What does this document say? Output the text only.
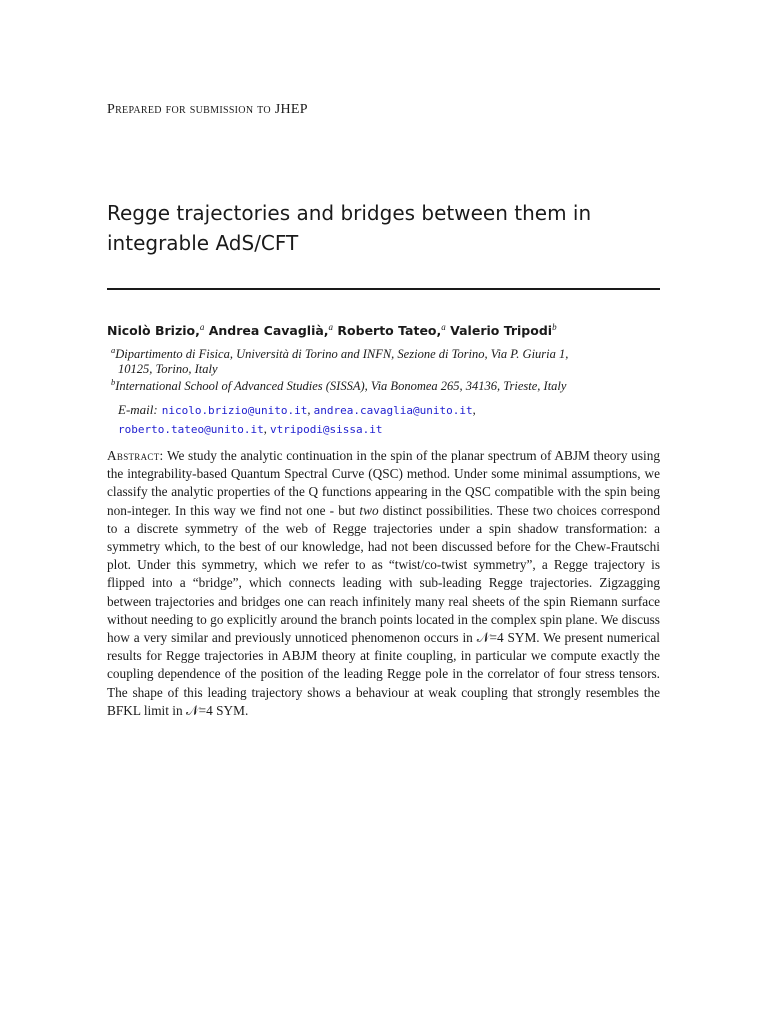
Prepared for submission to JHEP
Regge trajectories and bridges between them in
integrable AdS/CFT
Nicolò Brizio,$^a$ Andrea Cavaglià,$^a$ Roberto Tateo,$^a$ Valerio Tripodi$^b$
$^a$Dipartimento di Fisica, Università di Torino and INFN, Sezione di Torino, Via P. Giuria 1,
10125, Torino, Italy
$^b$International School of Advanced Studies (SISSA), Via Bonomea 265, 34136, Trieste, Italy
E-mail: nicolo.brizio@unito.it, andrea.cavaglia@unito.it,
roberto.tateo@unito.it, vtripodi@sissa.it

Abstract: We study the analytic continuation in the spin of the planar spectrum of ABJM theory using the integrability-based Quantum Spectral Curve (QSC) method. Under some minimal assumptions, we classify the analytic properties of the Q functions appearing in the QSC compatible with the spin being non-integer. In this way we find not one - but two distinct possibilities. These two choices correspond to a discrete symmetry of the web of Regge trajectories under a spin shadow transformation: a symmetry which, to the best of our knowledge, had not been discussed before for the Chew-Frautschi plot. Under this symmetry, which we refer to as “twist/co-twist symmetry”, a Regge trajectory is flipped into a “bridge”, which connects leading with sub-leading Regge trajectories. Zigzagging between trajectories and bridges one can reach infinitely many real sheets of the spin Riemann surface without needing to go explicitly around the branch points located in the complex spin plane. We discuss how a very similar and previously unnoticed phenomenon occurs in 𝒩=4 SYM. We present numerical results for Regge trajectories in ABJM theory at finite coupling, in particular we compute exactly the coupling dependence of the position of the leading Regge pole in the correlator of four stress tensors. The shape of this leading trajectory shows a behaviour at weak coupling that strongly resembles the BFKL limit in 𝒩=4 SYM.
